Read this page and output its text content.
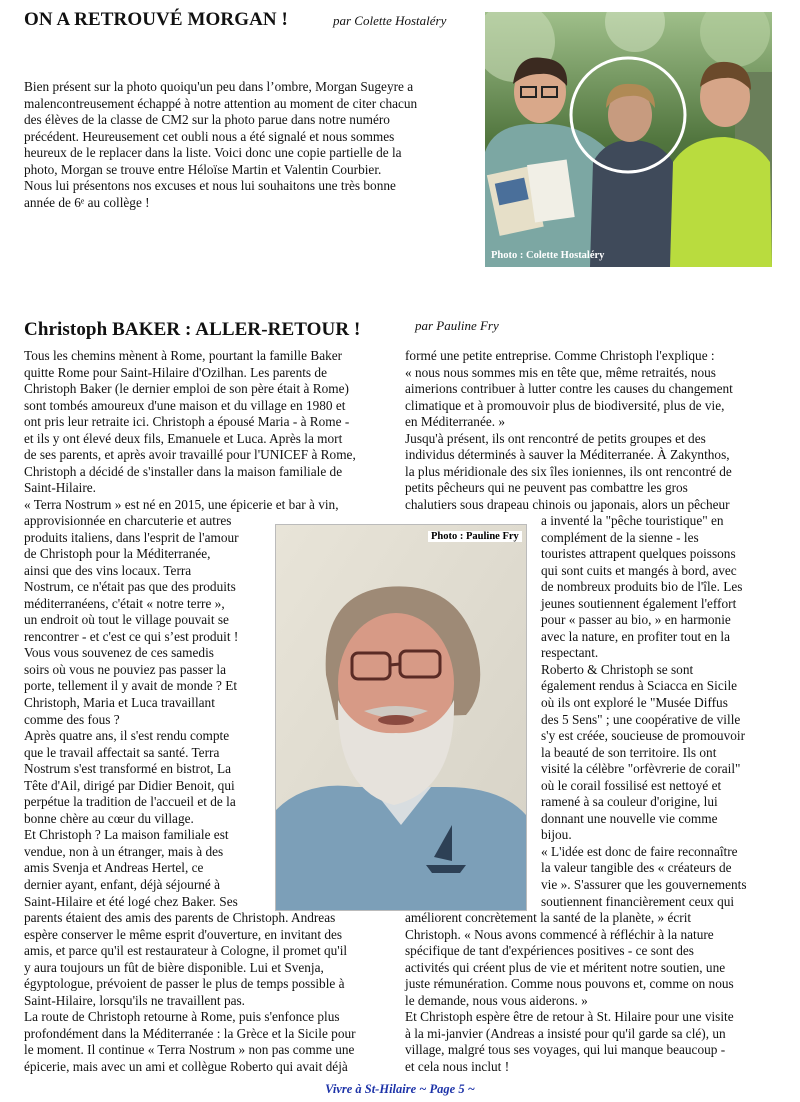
ON A RETROUVÉ MORGAN !	par Colette Hostaléry
Bien présent sur la photo quoiqu'un peu dans l’ombre, Morgan Sugeyre a
malencontreusement échappé à notre attention au moment de citer chacun
des élèves de la classe de CM2 sur la photo parue dans notre numéro
précédent. Heureusement cet oubli nous a été signalé et nous sommes
heureux de le replacer dans la liste. Voici donc une copie partielle de la
photo, Morgan se trouve entre Héloïse Martin et Valentin Courbier.
Nous lui présentons nos excuses et nous lui souhaitons une très bonne
année de 6ᵉ au collège !
Photo : Colette Hostaléry
Christoph BAKER : ALLER-RETOUR !	par Pauline Fry
Tous les chemins mènent à Rome, pourtant la famille Baker
quitte Rome pour Saint-Hilaire d'Ozilhan. Les parents de
Christoph Baker (le dernier emploi de son père était à Rome)
sont tombés amoureux d'une maison et du village en 1980 et
ont pris leur retraite ici. Christoph a épousé Maria - à Rome -
et ils y ont élevé deux fils, Emanuele et Luca. Après la mort
de ses parents, et après avoir travaillé pour l'UNICEF à Rome,
Christoph a décidé de s'installer dans la maison familiale de
Saint-Hilaire.
« Terra Nostrum » est né en 2015, une épicerie et bar à vin,
approvisionnée en charcuterie et autres
produits italiens, dans l'esprit de l'amour
de Christoph pour la Méditerranée,
ainsi que des vins locaux. Terra
Nostrum, ce n'était pas que des produits
méditerranéens, c'était « notre terre »,
un endroit où tout le village pouvait se
rencontrer - et c'est ce qui s’est produit !
Vous vous souvenez de ces samedis
soirs où vous ne pouviez pas passer la
porte, tellement il y avait de monde ? Et
Christoph, Maria et Luca travaillant
comme des fous ?
Après quatre ans, il s'est rendu compte
que le travail affectait sa santé. Terra
Nostrum s'est transformé en bistrot, La
Tête d'Ail, dirigé par Didier Benoit, qui
perpétue la tradition de l'accueil et de la
bonne chère au cœur du village.
Et Christoph ? La maison familiale est
vendue, non à un étranger, mais à des
amis Svenja et Andreas Hertel, ce
dernier ayant, enfant, déjà séjourné à
Saint-Hilaire et été logé chez Baker. Ses
parents étaient des amis des parents de Christoph. Andreas
espère conserver le même esprit d'ouverture, en invitant des
amis, et parce qu'il est restaurateur à Cologne, il promet qu'il
y aura toujours un fût de bière disponible. Lui et Svenja,
égyptologue, prévoient de passer le plus de temps possible à
Saint-Hilaire, lorsqu'ils ne travaillent pas.
La route de Christoph retourne à Rome, puis s'enfonce plus
profondément dans la Méditerranée : la Grèce et la Sicile pour
le moment. Il continue « Terra Nostrum » non pas comme une
épicerie, mais avec un ami et collègue Roberto qui avait déjà
Photo : Pauline Fry
formé une petite entreprise. Comme Christoph l'explique :
« nous nous sommes mis en tête que, même retraités, nous
aimerions contribuer à lutter contre les causes du changement
climatique et à promouvoir plus de biodiversité, plus de vie,
en Méditerranée. »
Jusqu'à présent, ils ont rencontré de petits groupes et des
individus déterminés à sauver la Méditerranée. À Zakynthos,
la plus méridionale des six îles ioniennes, ils ont rencontré de
petits pêcheurs qui ne peuvent pas combattre les gros
chalutiers sous drapeau chinois ou japonais, alors un pêcheur
a inventé la "pêche touristique" en
complément de la sienne - les
touristes attrapent quelques poissons
qui sont cuits et mangés à bord, avec
de nombreux produits bio de l'île. Les
jeunes soutiennent également l'effort
pour « passer au bio, » en harmonie
avec la nature, en profiter tout en la
respectant.
Roberto & Christoph se sont
également rendus à Sciacca en Sicile
où ils ont exploré le "Musée Diffus
des 5 Sens" ; une coopérative de ville
s'y est créée, soucieuse de promouvoir
la beauté de son territoire. Ils ont
visité la célèbre "orfèvrerie de corail"
où le corail fossilisé est nettoyé et
ramené à sa couleur d'origine, lui
donnant une nouvelle vie comme
bijou.
« L'idée est donc de faire reconnaître
la valeur tangible des « créateurs de
vie ». S'assurer que les gouvernements
soutiennent financièrement ceux qui
améliorent concrètement la santé de la planète, » écrit
Christoph. « Nous avons commencé à réfléchir à la nature
spécifique de tant d'expériences positives - ce sont des
activités qui créent plus de vie et méritent notre soutien, une
juste rémunération. Comme nous pouvons et, comme on nous
le demande, nous vous aiderons. »
Et Christoph espère être de retour à St. Hilaire pour une visite
à la mi-janvier (Andreas a insisté pour qu'il garde sa clé), un
village, malgré tous ses voyages, qui lui manque beaucoup -
et cela nous inclut !
Vivre à St-Hilaire ~ Page 5 ~
